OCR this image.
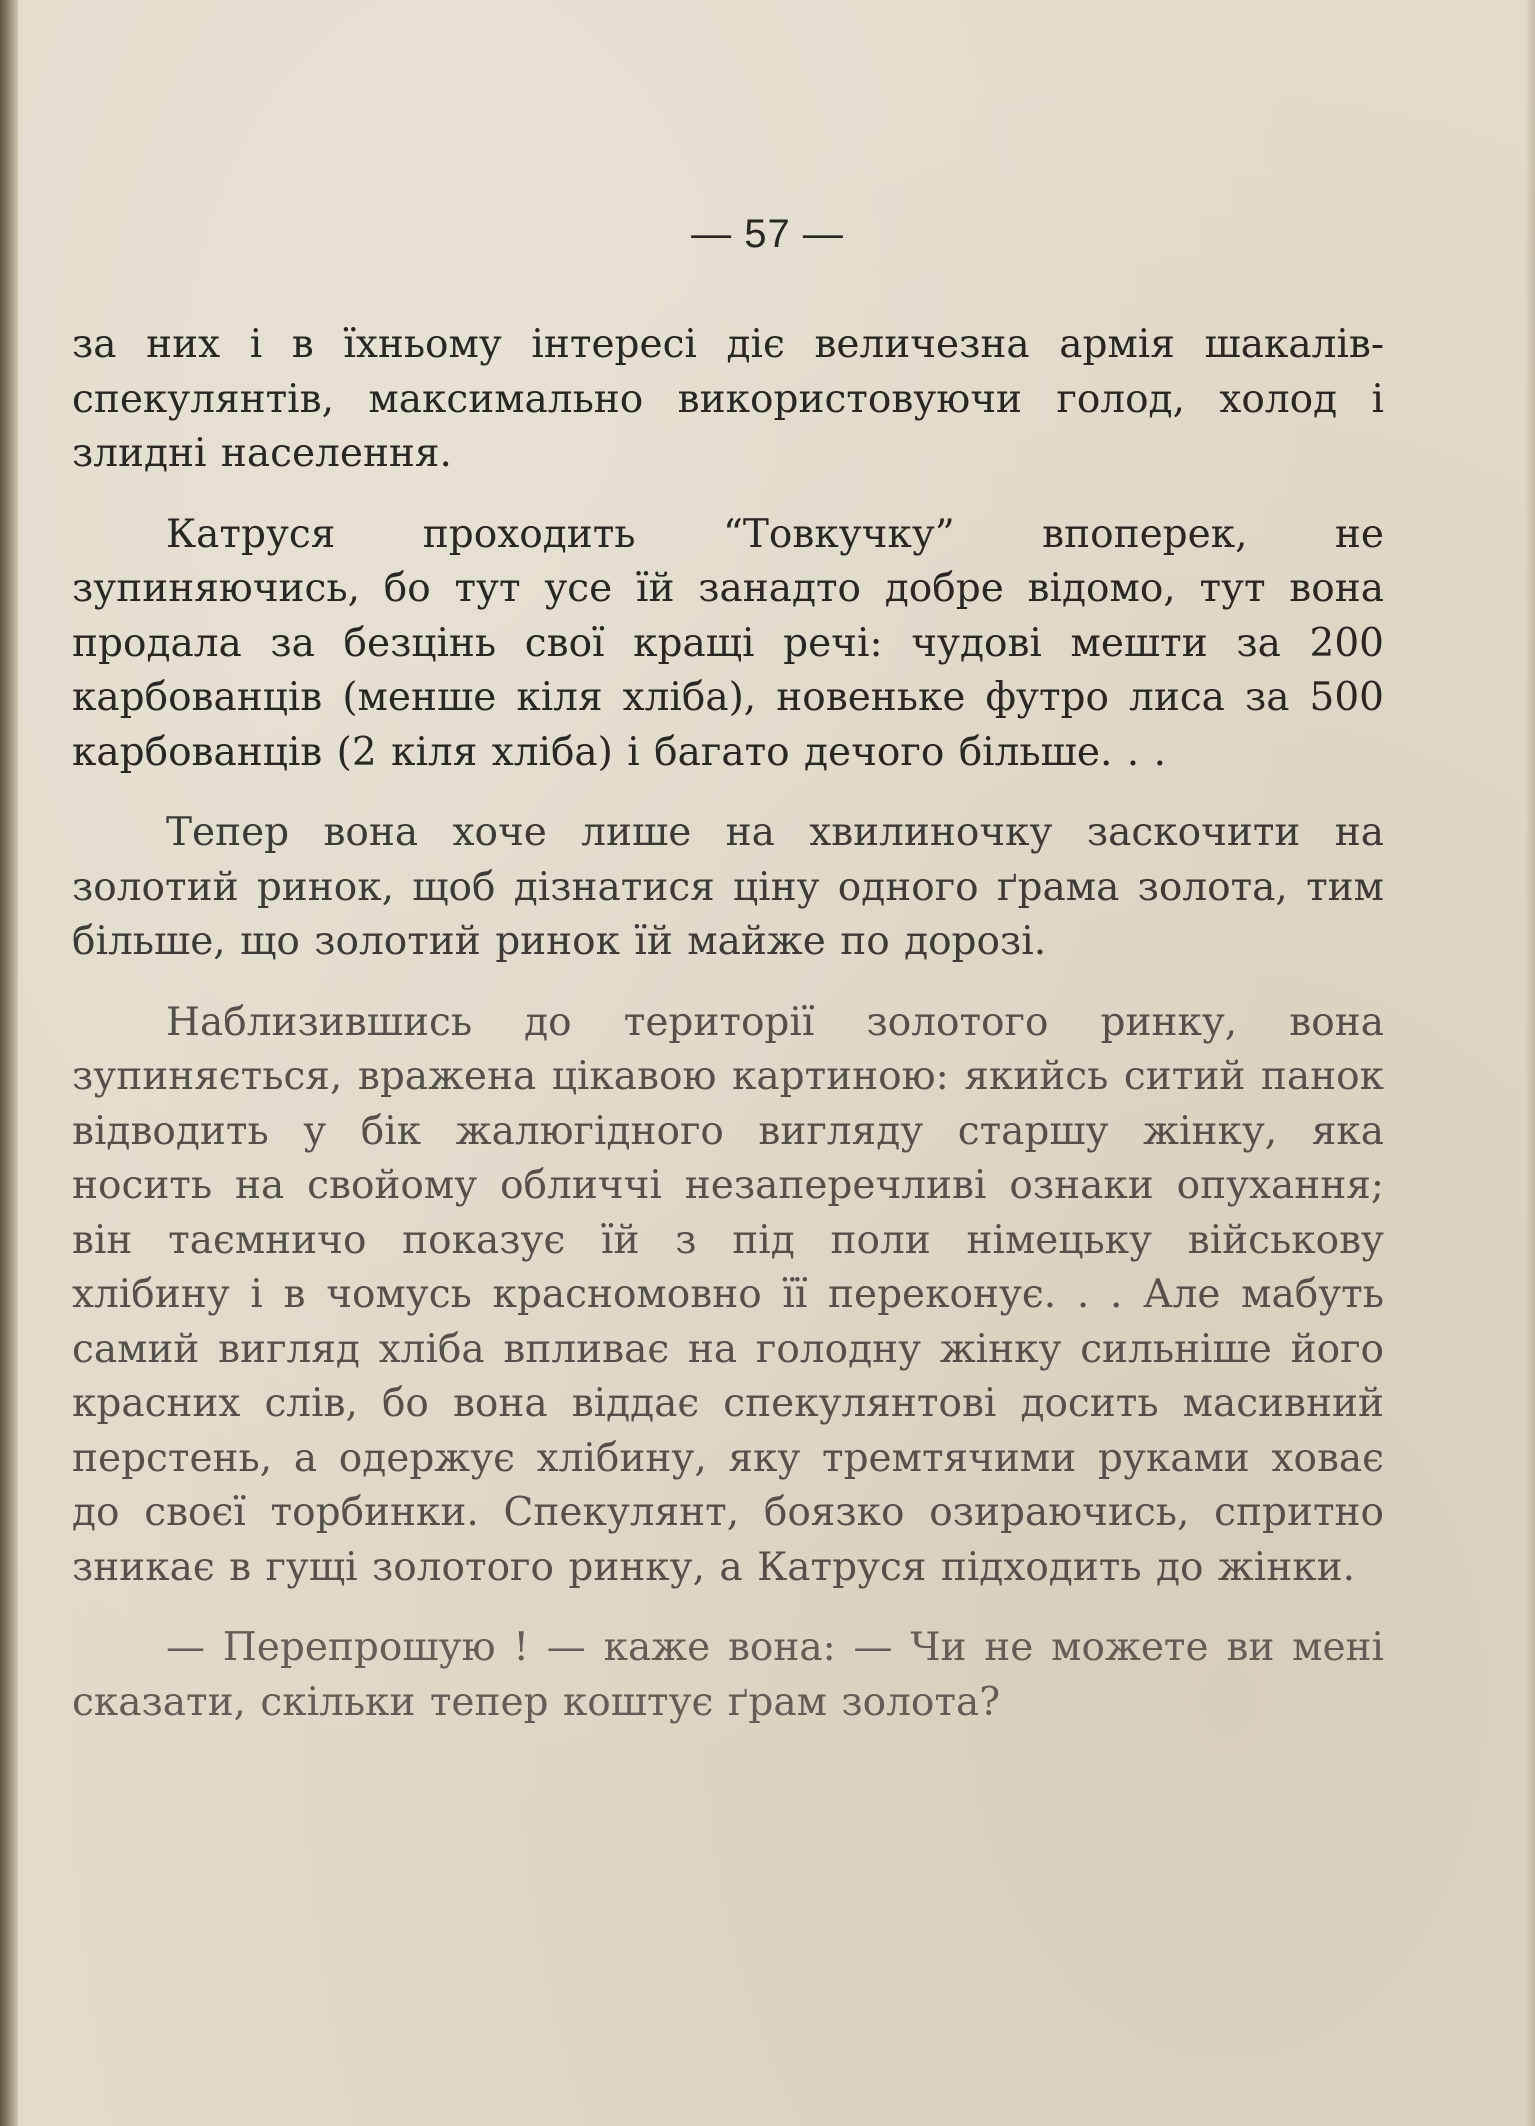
— 57 —

за них і в їхньому інтересі діє величезна армія шакалів-спекулянтів, максимально використовуючи голод, холод і злидні населення.

Катруся проходить “Товкучку” впоперек, не зупиняючись, бо тут усе їй занадто добре відомо, тут вона продала за безцінь свої кращі речі: чудові мешти за 200 карбованців (менше кіля хліба), новеньке футро лиса за 500 карбованців (2 кіля хліба) і багато дечого більше. . .

Тепер вона хоче лише на хвилиночку заскочити на золотий ринок, щоб дізнатися ціну одного ґрама золота, тим більше, що золотий ринок їй майже по дорозі.

Наблизившись до території золотого ринку, вона зупиняється, вражена цікавою картиною: якийсь ситий панок відводить у бік жалюгідного вигляду старшу жінку, яка носить на свойому обличчі незаперечливі ознаки опухання; він таємничо показує їй з під поли німецьку військову хлібину і в чомусь красномовно її переконує. . . Але мабуть самий вигляд хліба впливає на голодну жінку сильніше його красних слів, бо вона віддає спекулянтові досить масивний перстень, а одержує хлібину, яку тремтячими руками ховає до своєї торбинки. Спекулянт, боязко озираючись, спритно зникає в гущі золотого ринку, а Катруся підходить до жінки.

— Перепрошую ! — каже вона: — Чи не можете ви мені сказати, скільки тепер коштує ґрам золота?
